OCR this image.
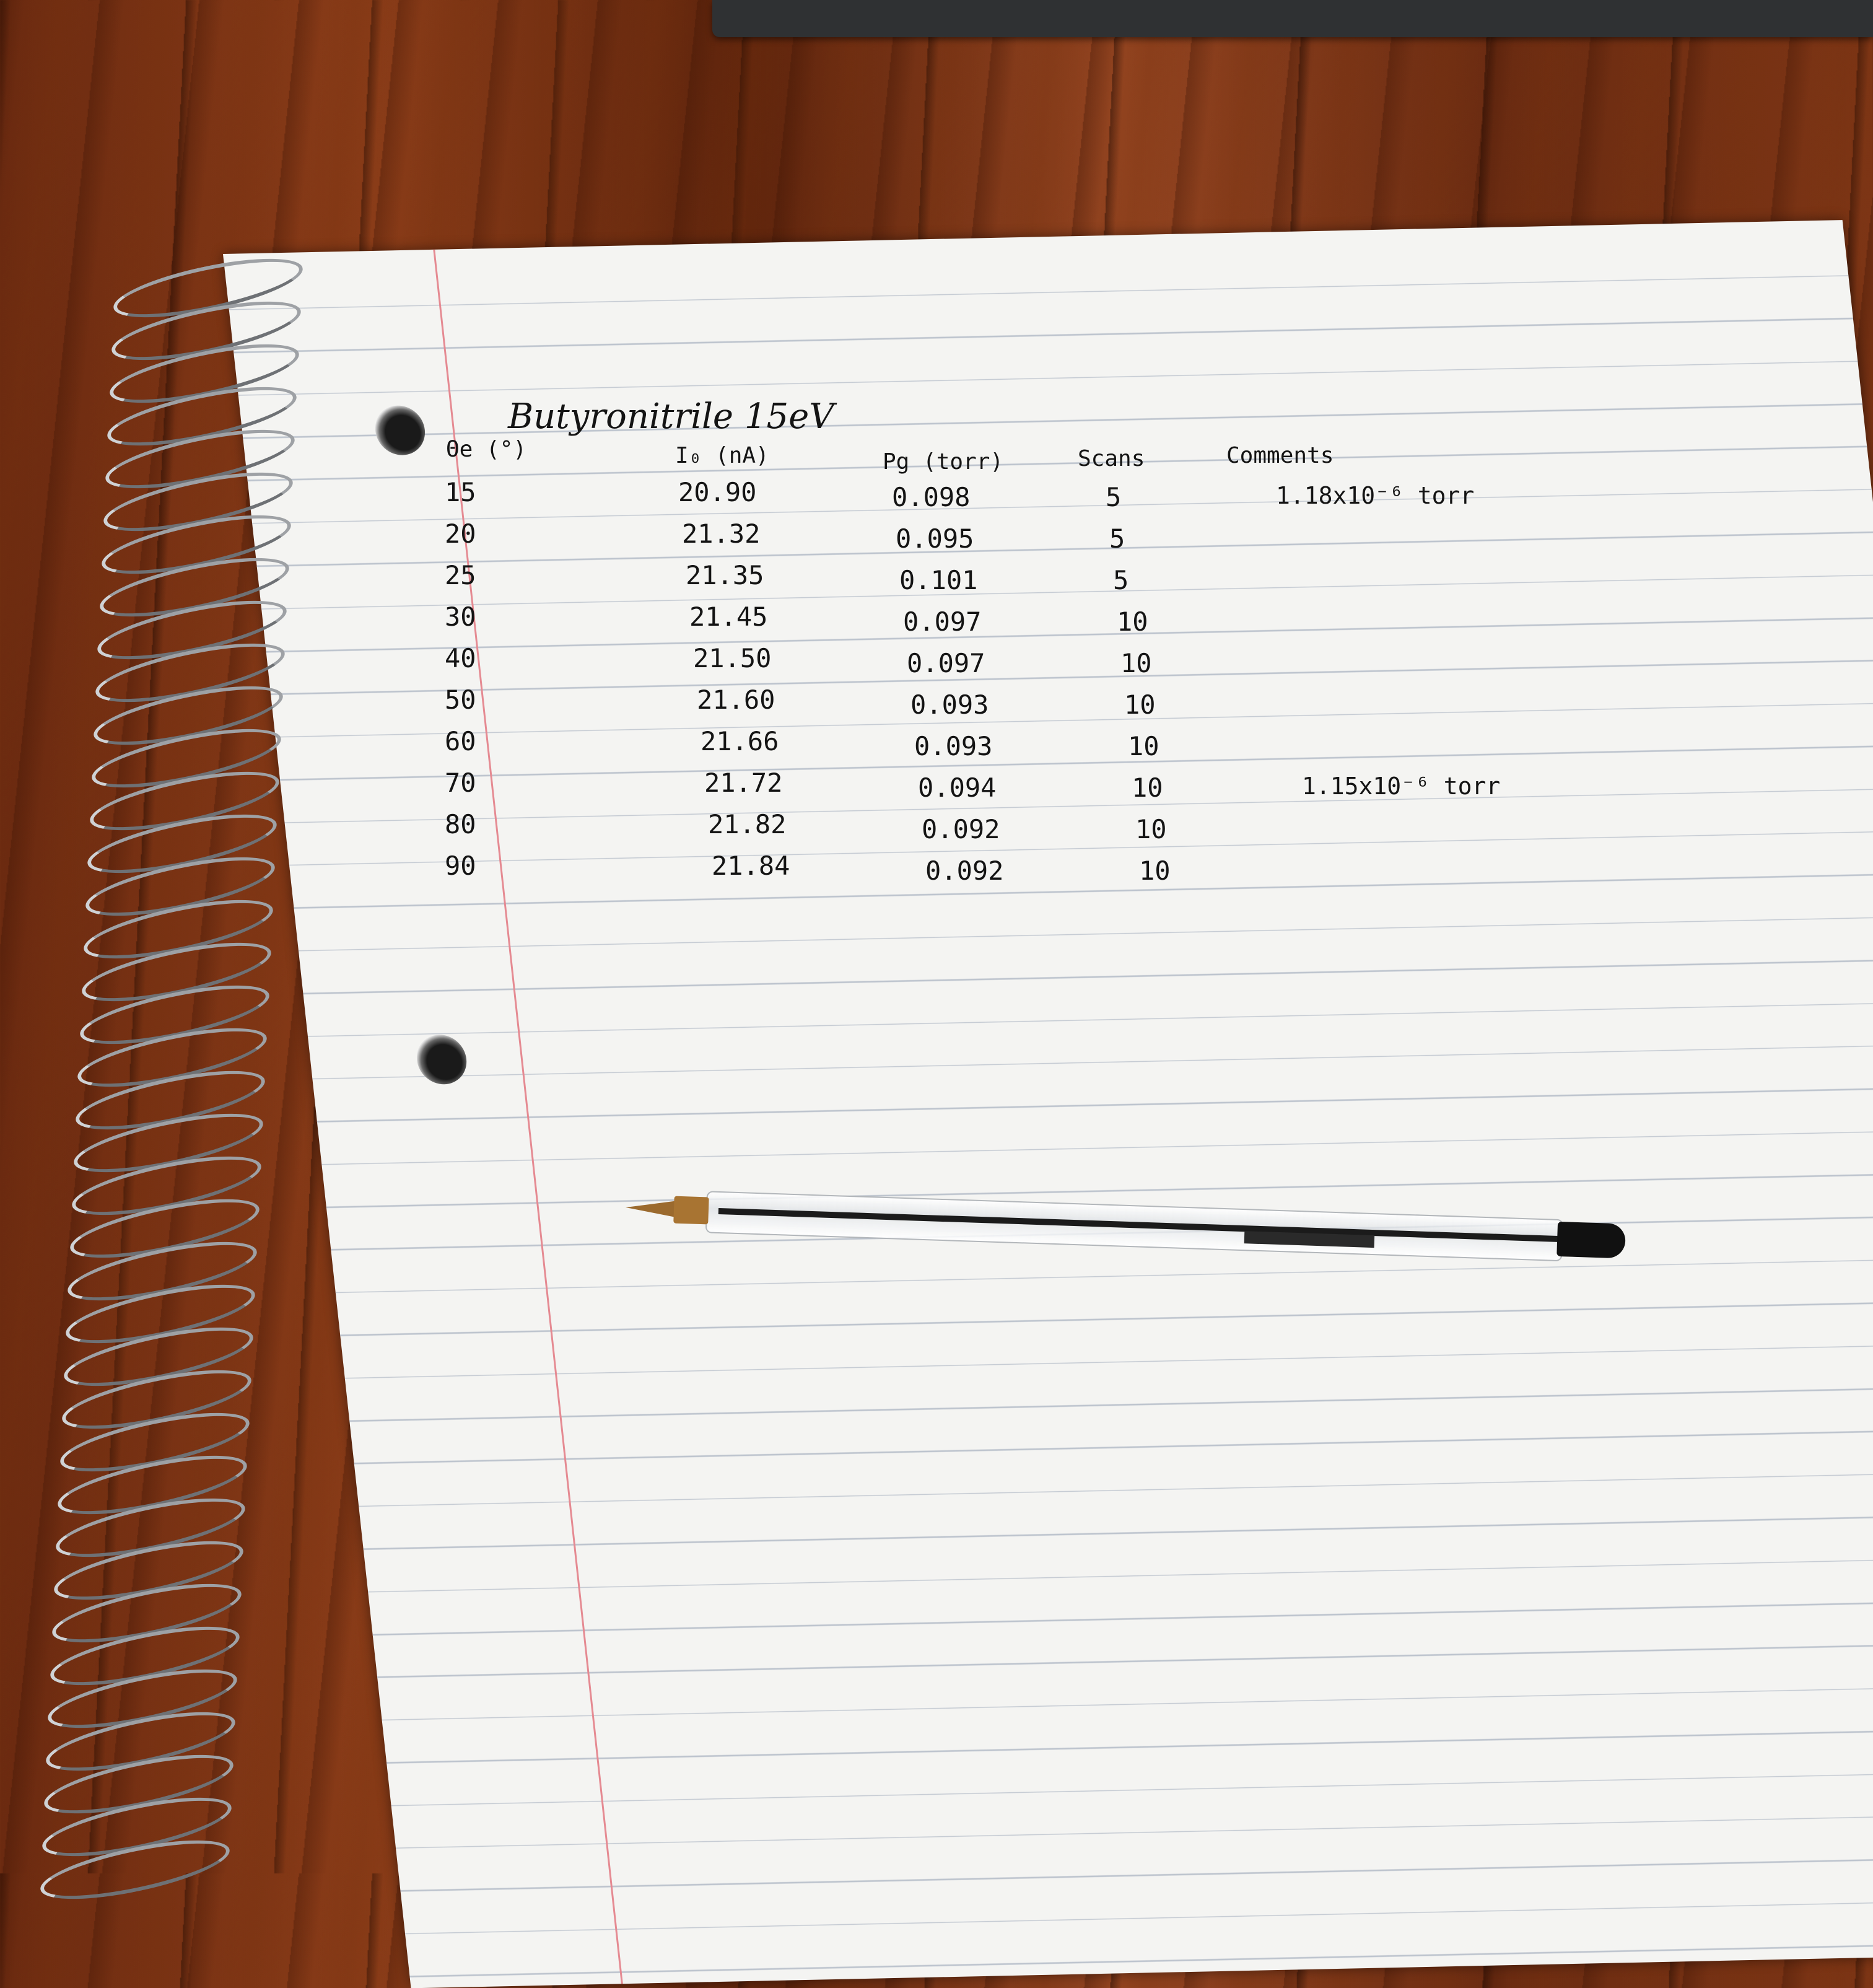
Butyronitrile 15eV
Θe (°)	I₀ (nA)	Pg (torr)	Scans	Comments
15	20.90	0.098	5	1.18x10⁻⁶ torr
20	21.32	0.095	5
25	21.35	0.101	5
30	21.45	0.097	10
40	21.50	0.097	10
50	21.60	0.093	10
60	21.66	0.093	10
70	21.72	0.094	10	1.15x10⁻⁶ torr
80	21.82	0.092	10
90	21.84	0.092	10
